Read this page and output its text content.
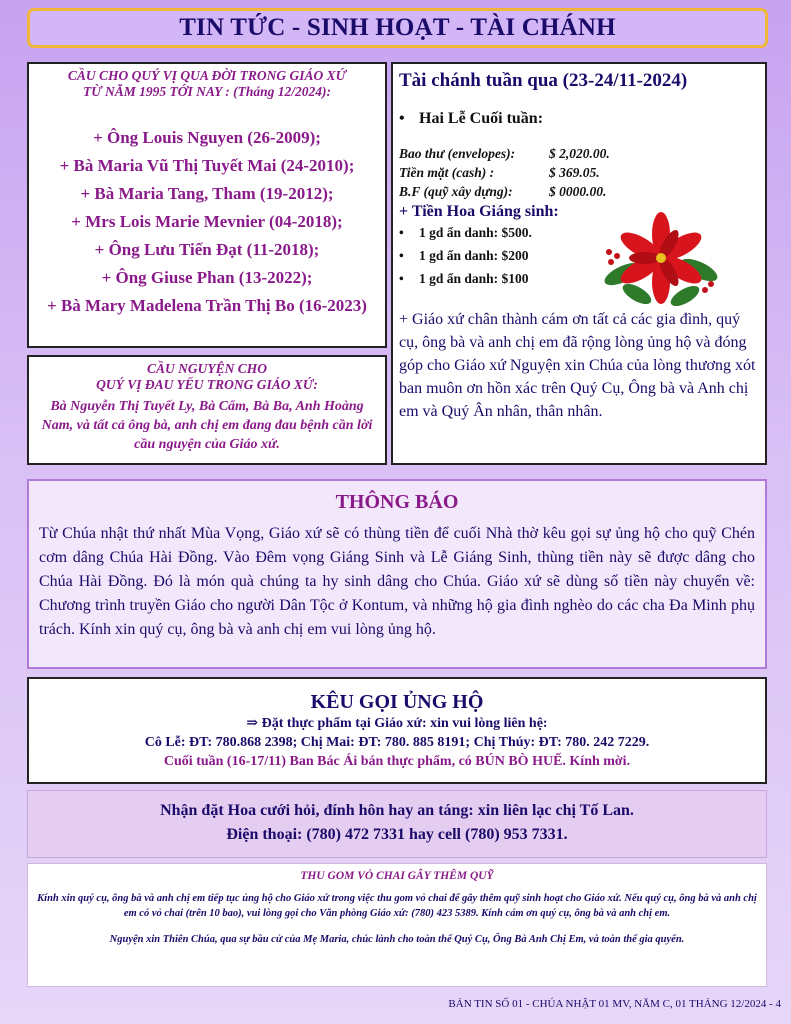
TIN TỨC - SINH HOẠT - TÀI CHÁNH
CẦU CHO QUÝ VỊ QUA ĐỜI TRONG GIÁO XỨ
TỪ NĂM 1995 TỚI NAY : (Tháng 12/2024):
+ Ông Louis Nguyen (26-2009);
+ Bà Maria Vũ Thị Tuyết Mai (24-2010);
+ Bà Maria Tang, Tham (19-2012);
+ Mrs Lois Marie Mevnier (04-2018);
+ Ông Lưu Tiến Đạt (11-2018);
+ Ông Giuse Phan (13-2022);
+ Bà Mary Madelena Trần Thị Bo (16-2023)
CẦU NGUYỆN CHO
QUÝ VỊ ĐAU YẾU TRONG GIÁO XỨ:
Bà Nguyễn Thị Tuyết Ly, Bà Cẩm, Bà Ba, Anh Hoàng Nam, và tất cả ông bà, anh chị em đang đau bệnh cần lời cầu nguyện của Giáo xứ.
Tài chánh tuần qua (23-24/11-2024)
• Hai Lễ Cuối tuần:
Bao thư (envelopes):	$ 2,020.00.
Tiền mặt (cash) :	$ 369.05.
B.F (quỹ xây dựng):	$ 0000.00.
+ Tiền Hoa Giáng sinh:
•	1 gd ẩn danh: $500.
•	1 gd ẩn danh: $200
•	1 gd ẩn danh: $100
+ Giáo xứ chân thành cám ơn tất cả các gia đình, quý cụ, ông bà và anh chị em đã rộng lòng ủng hộ và đóng góp cho Giáo xứ Nguyện xin Chúa của lòng thương xót ban muôn ơn hồn xác trên Quý Cụ, Ông bà và Anh chị em và Quý Ân nhân, thân nhân.
THÔNG BÁO

Từ Chúa nhật thứ nhất Mùa Vọng, Giáo xứ sẽ có thùng tiền để cuối Nhà thờ kêu gọi sự ủng hộ cho quỹ Chén cơm dâng Chúa Hài Đồng. Vào Đêm vọng Giáng Sinh và Lễ Giáng Sinh, thùng tiền này sẽ được dâng cho Chúa Hài Đồng. Đó là món quà chúng ta hy sinh dâng cho Chúa. Giáo xứ sẽ dùng số tiền này chuyển về: Chương trình truyền Giáo cho người Dân Tộc ở Kontum, và những hộ gia đình nghèo do các cha Đa Minh phụ trách. Kính xin quý cụ, ông bà và anh chị em vui lòng ủng hộ.

KÊU GỌI ỦNG HỘ
⇒ Đặt thực phẩm tại Giáo xứ: xin vui lòng liên hệ:
Cô Lễ: ĐT: 780.868 2398; Chị Mai: ĐT: 780. 885 8191; Chị Thúy: ĐT: 780. 242 7229.
Cuối tuần (16-17/11) Ban Bác Ái bán thực phẩm, có BÚN BÒ HUẾ. Kính mời.
Nhận đặt Hoa cưới hỏi, đính hôn hay an táng: xin liên lạc chị Tố Lan.
Điện thoại: (780) 472 7331 hay cell (780) 953 7331.
THU GOM VỎ CHAI GÂY THÊM QUỸ
Kính xin quý cụ, ông bà và anh chị em tiếp tục ủng hộ cho Giáo xứ trong việc thu gom vỏ chai để gây thêm quỹ sinh hoạt cho Giáo xứ. Nếu quý cụ, ông bà và anh chị em có vỏ chai (trên 10 bao), vui lòng gọi cho Văn phòng Giáo xứ: (780) 423 5389. Kính cám ơn quý cụ, ông bà và anh chị em.
Nguyện xin Thiên Chúa, qua sự bầu cử của Mẹ Maria, chúc lành cho toàn thể Quý Cụ, Ông Bà Anh Chị Em, và toàn thể gia quyến.
BẢN TIN SỐ 01 - CHÚA NHẬT 01 MV, NĂM C, 01 THÁNG 12/2024 - 4
